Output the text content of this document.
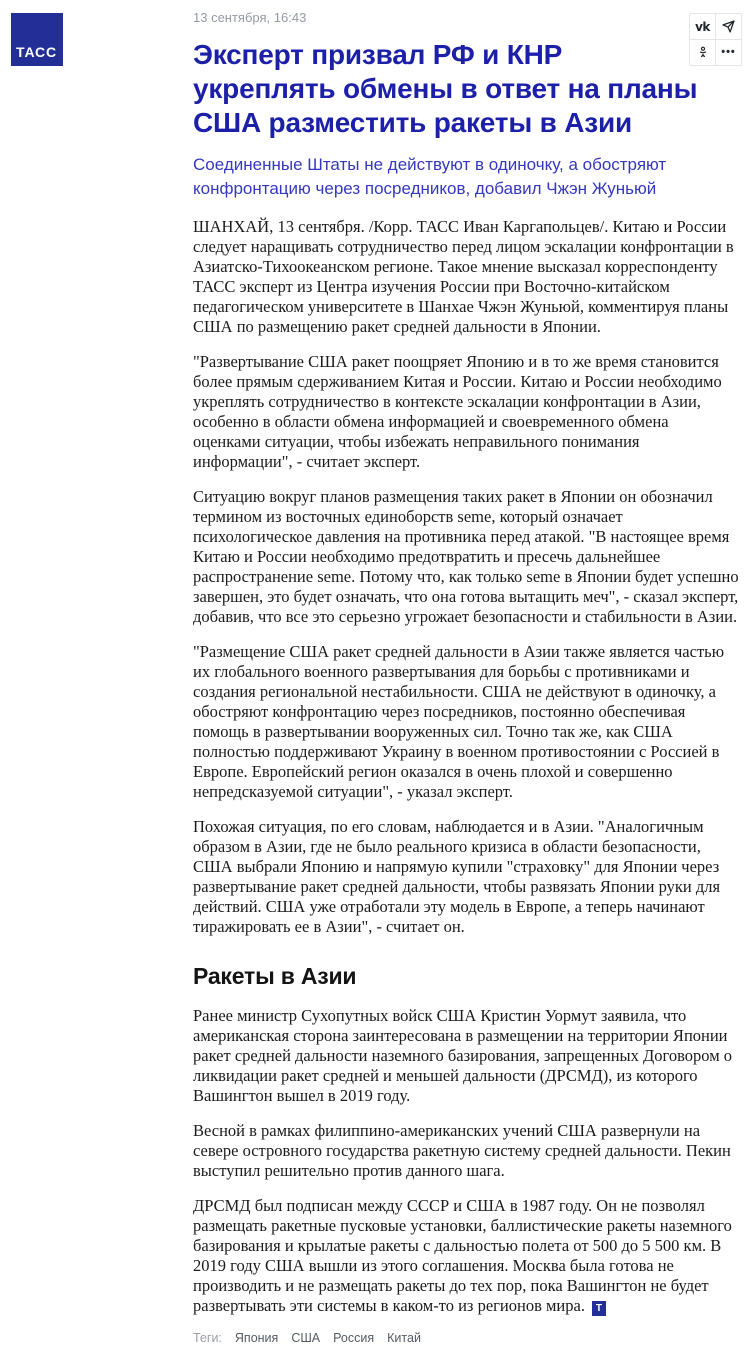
ТАСС
vk
•••
13 сентября, 16:43
Эксперт призвал РФ и КНР укреплять обмены в ответ на планы США разместить ракеты в Азии
Соединенные Штаты не действуют в одиночку, а обостряют конфронтацию через посредников, добавил Чжэн Жуньюй

ШАНХАЙ, 13 сентября. /Корр. ТАСС Иван Каргапольцев/. Китаю и России следует наращивать сотрудничество перед лицом эскалации конфронтации в Азиатско-Тихоокеанском регионе. Такое мнение высказал корреспонденту ТАСС эксперт из Центра изучения России при Восточно-китайском педагогическом университете в Шанхае Чжэн Жуньюй, комментируя планы США по размещению ракет средней дальности в Японии.

"Развертывание США ракет поощряет Японию и в то же время становится более прямым сдерживанием Китая и России. Китаю и России необходимо укреплять сотрудничество в контексте эскалации конфронтации в Азии, особенно в области обмена информацией и своевременного обмена оценками ситуации, чтобы избежать неправильного понимания информации", - считает эксперт.

Ситуацию вокруг планов размещения таких ракет в Японии он обозначил термином из восточных единоборств seme, который означает психологическое давления на противника перед атакой. "В настоящее время Китаю и России необходимо предотвратить и пресечь дальнейшее распространение seme. Потому что, как только seme в Японии будет успешно завершен, это будет означать, что она готова вытащить меч", - сказал эксперт, добавив, что все это серьезно угрожает безопасности и стабильности в Азии.

"Размещение США ракет средней дальности в Азии также является частью их глобального военного развертывания для борьбы с противниками и создания региональной нестабильности. США не действуют в одиночку, а обостряют конфронтацию через посредников, постоянно обеспечивая помощь в развертывании вооруженных сил. Точно так же, как США полностью поддерживают Украину в военном противостоянии с Россией в Европе. Европейский регион оказался в очень плохой и совершенно непредсказуемой ситуации", - указал эксперт.

Похожая ситуация, по его словам, наблюдается и в Азии. "Аналогичным образом в Азии, где не было реального кризиса в области безопасности, США выбрали Японию и напрямую купили "страховку" для Японии через развертывание ракет средней дальности, чтобы развязать Японии руки для действий. США уже отработали эту модель в Европе, а теперь начинают тиражировать ее в Азии", - считает он.

Ракеты в Азии

Ранее министр Сухопутных войск США Кристин Уормут заявила, что американская сторона заинтересована в размещении на территории Японии ракет средней дальности наземного базирования, запрещенных Договором о ликвидации ракет средней и меньшей дальности (ДРСМД), из которого Вашингтон вышел в 2019 году.

Весной в рамках филиппино-американских учений США развернули на севере островного государства ракетную систему средней дальности. Пекин выступил решительно против данного шага.

ДРСМД был подписан между СССР и США в 1987 году. Он не позволял размещать ракетные пусковые установки, баллистические ракеты наземного базирования и крылатые ракеты с дальностью полета от 500 до 5 500 км. В 2019 году США вышли из этого соглашения. Москва была готова не производить и не размещать ракеты до тех пор, пока Вашингтон не будет развертывать эти системы в каком-то из регионов мира. Т

Теги: Япония США Россия Китай
